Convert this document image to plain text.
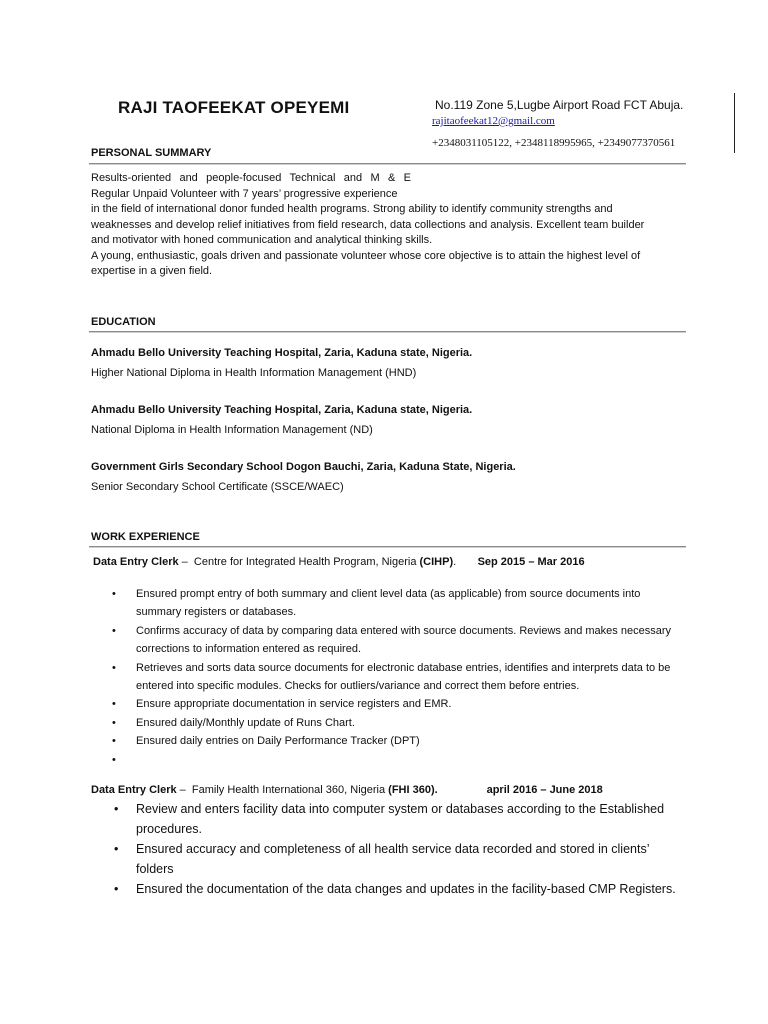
RAJI TAOFEEKAT OPEYEMI	No.119 Zone 5,Lugbe Airport Road FCT Abuja.
rajitaofeekat12@gmail.com
+2348031105122, +2348118995965, +2349077370561
PERSONAL SUMMARY
Results-oriented and people-focused Technical and M & E
Regular Unpaid Volunteer with 7 years’ progressive experience
in the field of international donor funded health programs. Strong ability to identify community strengths and
weaknesses and develop relief initiatives from field research, data collections and analysis. Excellent team builder
and motivator with honed communication and analytical thinking skills.
A young, enthusiastic, goals driven and passionate volunteer whose core objective is to attain the highest level of
expertise in a given field.
EDUCATION
Ahmadu Bello University Teaching Hospital, Zaria, Kaduna state, Nigeria.
Higher National Diploma in Health Information Management (HND)
Ahmadu Bello University Teaching Hospital, Zaria, Kaduna state, Nigeria.
National Diploma in Health Information Management (ND)
Government Girls Secondary School Dogon Bauchi, Zaria, Kaduna State, Nigeria.
Senior Secondary School Certificate (SSCE/WAEC)
WORK EXPERIENCE
Data Entry Clerk –  Centre for Integrated Health Program, Nigeria (CIHP).       Sep 2015 – Mar 2016
• Ensured prompt entry of both summary and client level data (as applicable) from source documents into summary registers or databases.
• Confirms accuracy of data by comparing data entered with source documents. Reviews and makes necessary corrections to information entered as required.
• Retrieves and sorts data source documents for electronic database entries, identifies and interprets data to be entered into specific modules. Checks for outliers/variance and correct them before entries.
• Ensure appropriate documentation in service registers and EMR.
• Ensured daily/Monthly update of Runs Chart.
• Ensured daily entries on Daily Performance Tracker (DPT)
•
Data Entry Clerk –  Family Health International 360, Nigeria (FHI 360).	april 2016 – June 2018
• Review and enters facility data into computer system or databases according to the Established procedures.
• Ensured accuracy and completeness of all health service data recorded and stored in clients’ folders
• Ensured the documentation of the data changes and updates in the facility-based CMP Registers.
